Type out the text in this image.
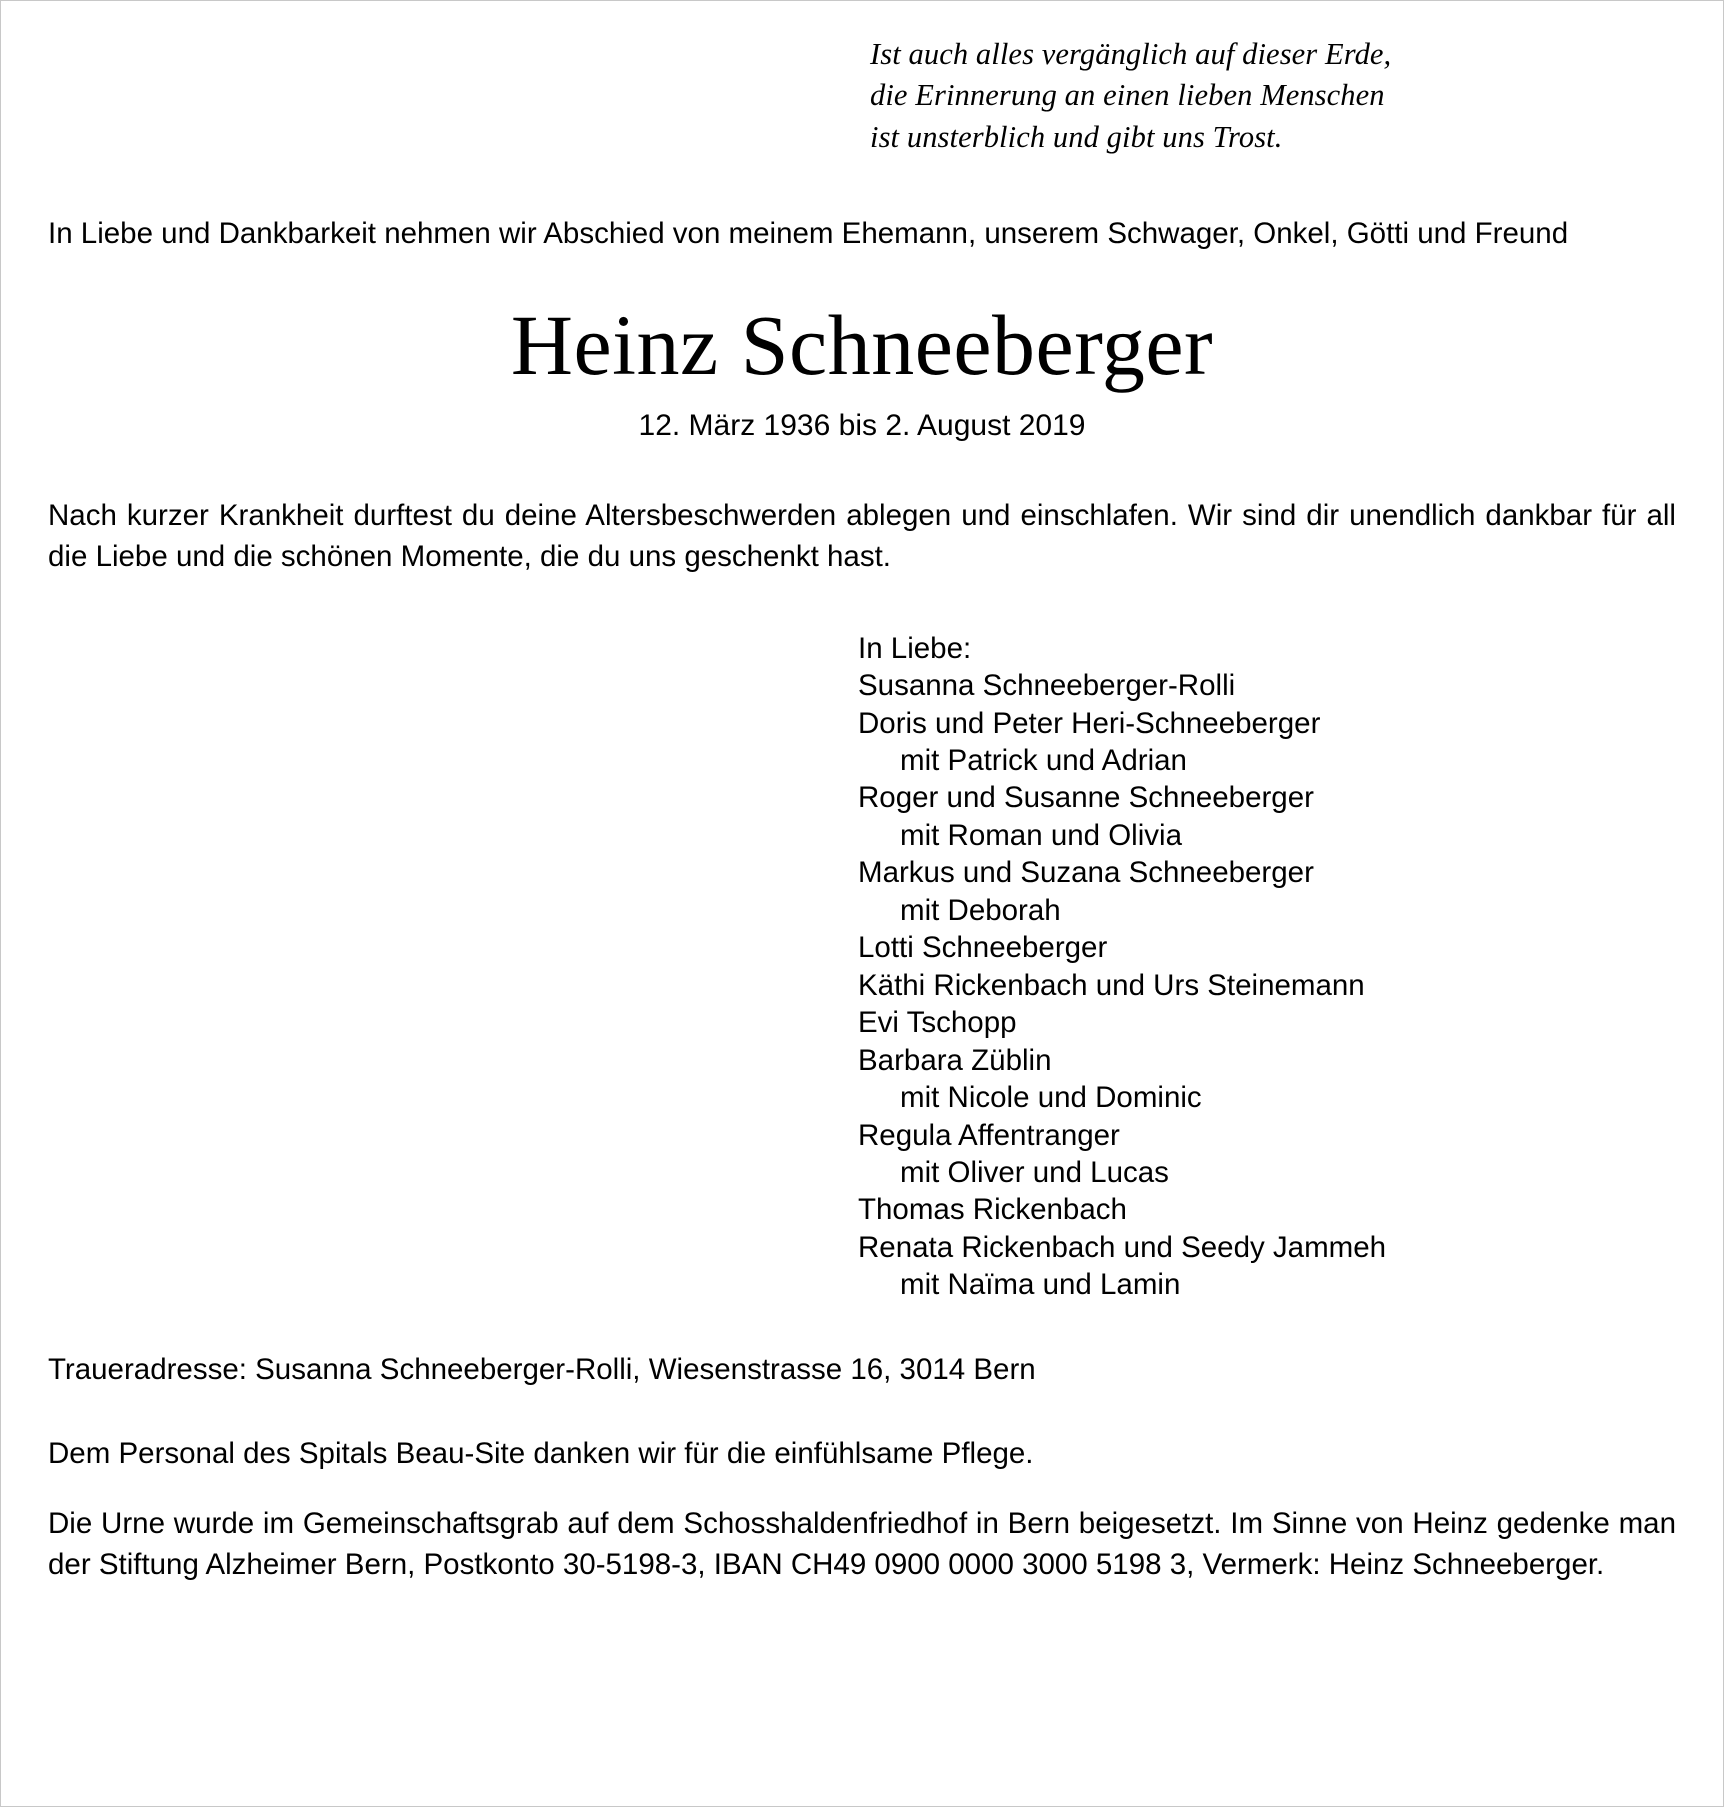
Ist auch alles vergänglich auf dieser Erde,
die Erinnerung an einen lieben Menschen
ist unsterblich und gibt uns Trost.
In Liebe und Dankbarkeit nehmen wir Abschied von meinem Ehemann, unserem Schwager, Onkel, Götti und Freund
Heinz Schneeberger
12. März 1936 bis 2. August 2019
Nach kurzer Krankheit durftest du deine Altersbeschwerden ablegen und einschlafen. Wir sind dir unendlich dankbar für all die Liebe und die schönen Momente, die du uns geschenkt hast.
In Liebe:
Susanna Schneeberger-Rolli
Doris und Peter Heri-Schneeberger
mit Patrick und Adrian
Roger und Susanne Schneeberger
mit Roman und Olivia
Markus und Suzana Schneeberger
mit Deborah
Lotti Schneeberger
Käthi Rickenbach und Urs Steinemann
Evi Tschopp
Barbara Züblin
mit Nicole und Dominic
Regula Affentranger
mit Oliver und Lucas
Thomas Rickenbach
Renata Rickenbach und Seedy Jammeh
mit Naïma und Lamin
Traueradresse: Susanna Schneeberger-Rolli, Wiesenstrasse 16, 3014 Bern
Dem Personal des Spitals Beau-Site danken wir für die einfühlsame Pflege.
Die Urne wurde im Gemeinschaftsgrab auf dem Schosshaldenfriedhof in Bern beigesetzt. Im Sinne von Heinz gedenke man der Stiftung Alzheimer Bern, Postkonto 30-5198-3, IBAN CH49 0900 0000 3000 5198 3, Vermerk: Heinz Schneeberger.
